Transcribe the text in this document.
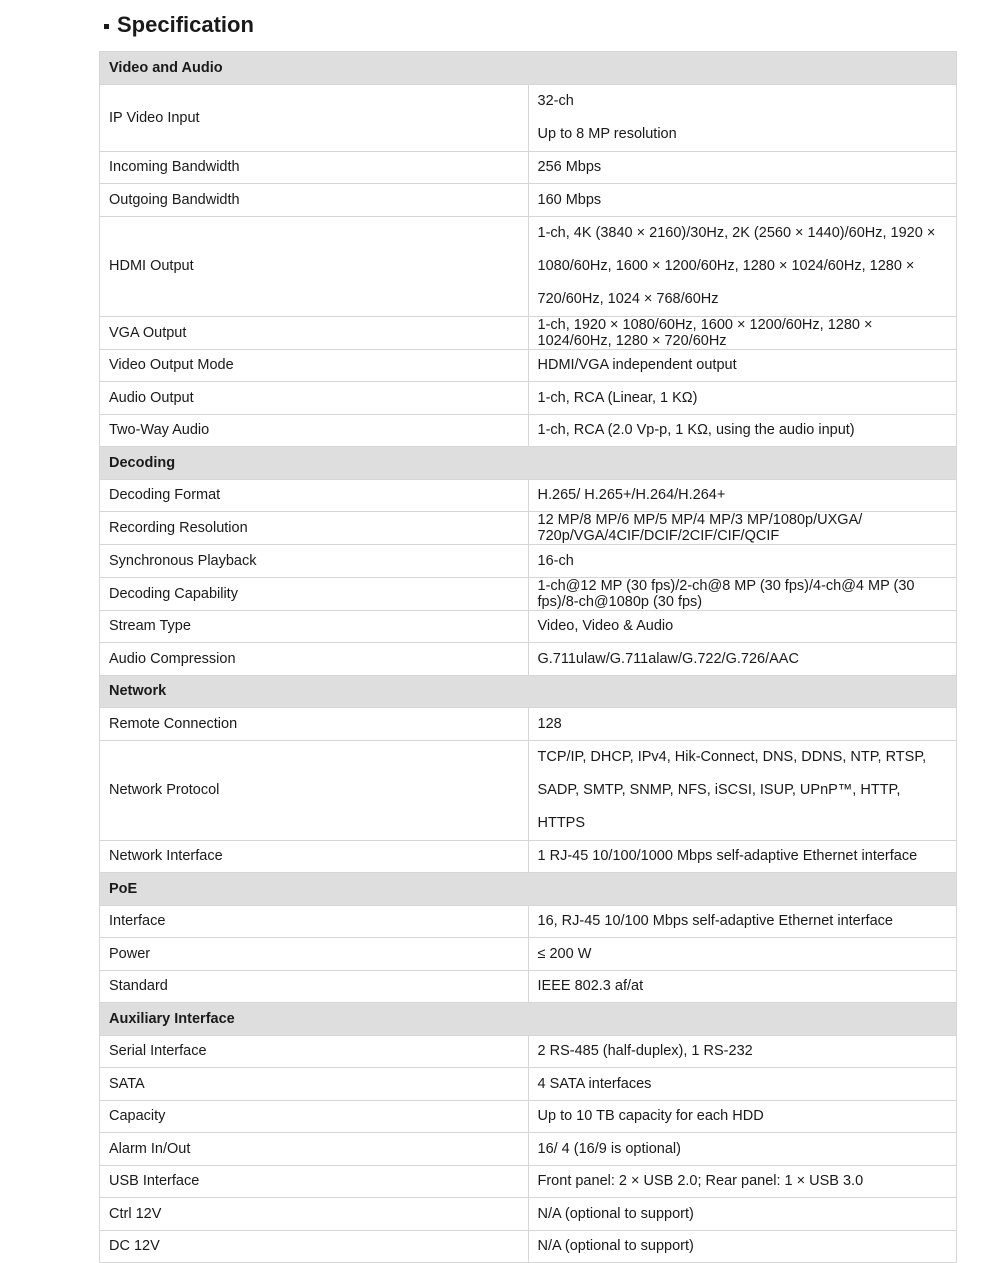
Specification
Video and Audio	
IP Video Input	32-ch
Up to 8 MP resolution

Incoming Bandwidth	256 Mbps
Outgoing Bandwidth	160 Mbps
HDMI Output	1-ch, 4K (3840 × 2160)/30Hz, 2K (2560 × 1440)/60Hz, 1920 × 1080/60Hz, 1600 × 1200/60Hz, 1280 × 1024/60Hz, 1280 × 720/60Hz, 1024 × 768/60Hz
VGA Output	1-ch, 1920 × 1080/60Hz, 1600 × 1200/60Hz, 1280 × 1024/60Hz, 1280 × 720/60Hz
Video Output Mode	HDMI/VGA independent output
Audio Output	1-ch, RCA (Linear, 1 KΩ)
Two-Way Audio	1-ch, RCA (2.0 Vp-p, 1 KΩ, using the audio input)
Decoding	
Decoding Format	H.265/ H.265+/H.264/H.264+
Recording Resolution	12 MP/8 MP/6 MP/5 MP/4 MP/3 MP/1080p/UXGA/ 720p/VGA/4CIF/DCIF/2CIF/CIF/QCIF
Synchronous Playback	16-ch
Decoding Capability	1-ch@12 MP (30 fps)/2-ch@8 MP (30 fps)/4-ch@4 MP (30 fps)/8-ch@1080p (30 fps)
Stream Type	Video, Video & Audio
Audio Compression	G.711ulaw/G.711alaw/G.722/G.726/AAC
Network	
Remote Connection	128
Network Protocol	TCP/IP, DHCP, IPv4, Hik-Connect, DNS, DDNS, NTP, RTSP, SADP, SMTP, SNMP, NFS, iSCSI, ISUP, UPnP™, HTTP, HTTPS
Network Interface	1 RJ-45 10/100/1000 Mbps self-adaptive Ethernet interface
PoE	
Interface	16, RJ-45 10/100 Mbps self-adaptive Ethernet interface
Power	≤ 200 W
Standard	IEEE 802.3 af/at
Auxiliary Interface	
Serial Interface	2 RS-485 (half-duplex), 1 RS-232
SATA	4 SATA interfaces
Capacity	Up to 10 TB capacity for each HDD
Alarm In/Out	16/ 4 (16/9 is optional)
USB Interface	Front panel: 2 × USB 2.0; Rear panel: 1 × USB 3.0
Ctrl 12V	N/A (optional to support)
DC 12V	N/A (optional to support)
